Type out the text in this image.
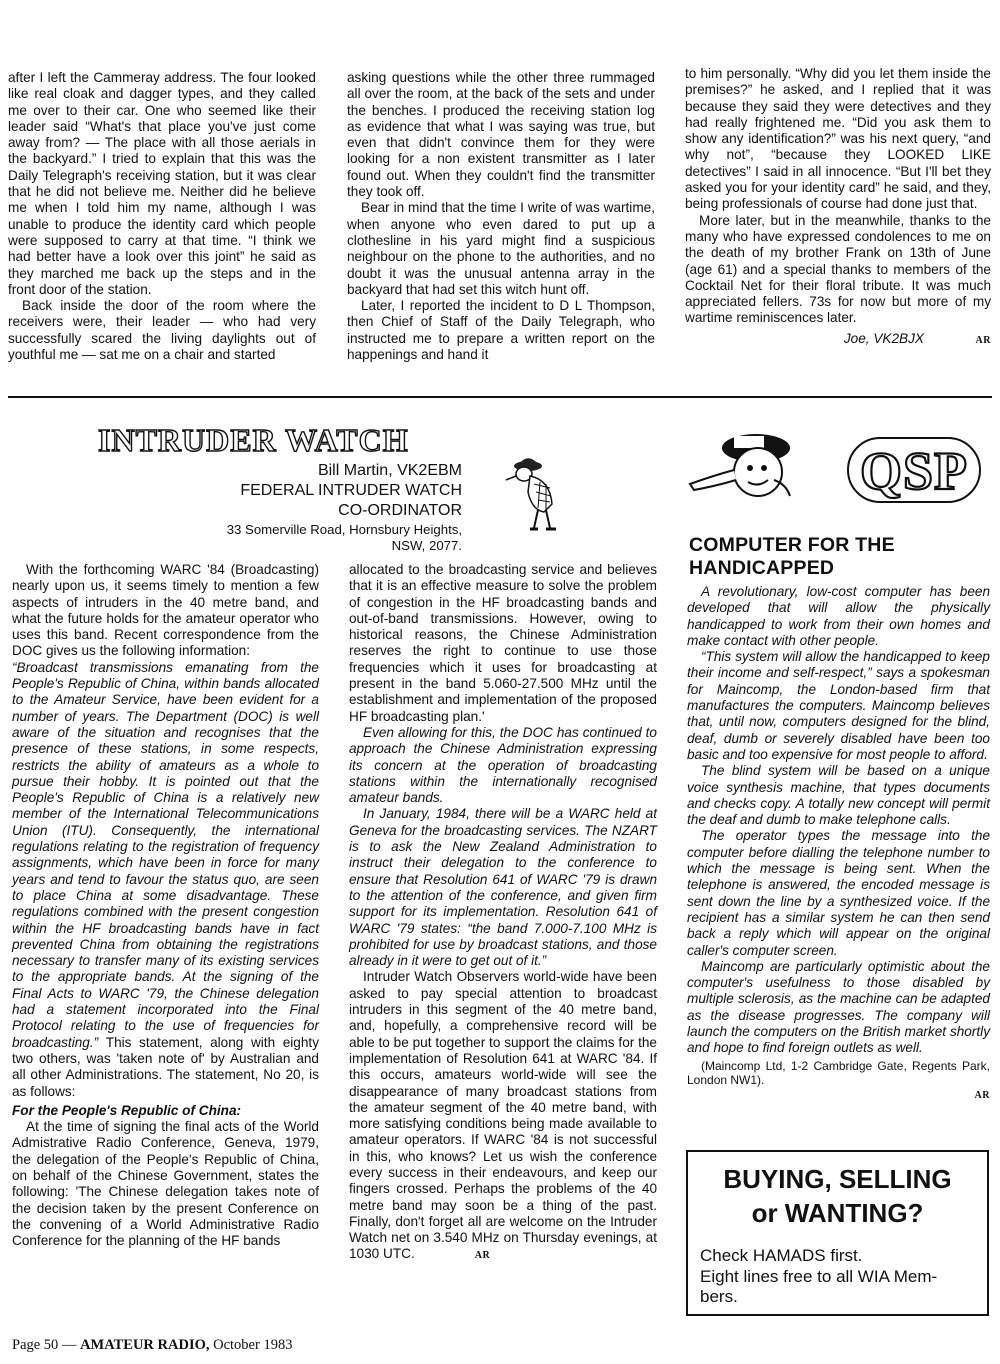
after I left the Cammeray address. The four looked like real cloak and dagger types, and they called me over to their car. One who seemed like their leader said “What's that place you've just come away from? — The place with all those aerials in the backyard.” I tried to explain that this was the Daily Telegraph's receiving station, but it was clear that he did not believe me. Neither did he believe me when I told him my name, although I was unable to produce the identity card which people were supposed to carry at that time. “I think we had better have a look over this joint” he said as they marched me back up the steps and in the front door of the station.

Back inside the door of the room where the receivers were, their leader — who had very successfully scared the living daylights out of youthful me — sat me on a chair and started

asking questions while the other three rummaged all over the room, at the back of the sets and under the benches. I produced the receiving station log as evidence that what I was saying was true, but even that didn't convince them for they were looking for a non existent transmitter as I later found out. When they couldn't find the transmitter they took off.

Bear in mind that the time I write of was wartime, when anyone who even dared to put up a clothesline in his yard might find a suspicious neighbour on the phone to the authorities, and no doubt it was the unusual antenna array in the backyard that had set this witch hunt off.

Later, I reported the incident to D L Thompson, then Chief of Staff of the Daily Telegraph, who instructed me to prepare a written report on the happenings and hand it

to him personally. “Why did you let them inside the premises?” he asked, and I replied that it was because they said they were detectives and they had really frightened me. “Did you ask them to show any identification?” was his next query, “and why not”, “because they LOOKED LIKE detectives” I said in all innocence. “But I'll bet they asked you for your identity card” he said, and they, being professionals of course had done just that.

More later, but in the meanwhile, thanks to the many who have expressed condolences to me on the death of my brother Frank on 13th of June (age 61) and a special thanks to members of the Cocktail Net for their floral tribute. It was much appreciated fellers. 73s for now but more of my wartime reminiscences later.

Joe, VK2BJX	AR

INTRUDER WATCH
Bill Martin, VK2EBM
FEDERAL INTRUDER WATCH
CO-ORDINATOR
33 Somerville Road, Hornsbury Heights,
NSW, 2077.

With the forthcoming WARC '84 (Broadcasting) nearly upon us, it seems timely to mention a few aspects of intruders in the 40 metre band, and what the future holds for the amateur operator who uses this band. Recent correspondence from the DOC gives us the following information:

“Broadcast transmissions emanating from the People's Republic of China, within bands allocated to the Amateur Service, have been evident for a number of years. The Department (DOC) is well aware of the situation and recognises that the presence of these stations, in some respects, restricts the ability of amateurs as a whole to pursue their hobby. It is pointed out that the People's Republic of China is a relatively new member of the International Telecommunications Union (ITU). Consequently, the international regulations relating to the registration of frequency assignments, which have been in force for many years and tend to favour the status quo, are seen to place China at some disadvantage. These regulations combined with the present congestion within the HF broadcasting bands have in fact prevented China from obtaining the registrations necessary to transfer many of its existing services to the appropriate bands. At the signing of the Final Acts to WARC '79, the Chinese delegation had a statement incorporated into the Final Protocol relating to the use of frequencies for broadcasting.” This statement, along with eighty two others, was 'taken note of' by Australian and all other Administrations. The statement, No 20, is as follows:

For the People's Republic of China:

At the time of signing the final acts of the World Admistrative Radio Conference, Geneva, 1979, the delegation of the People's Republic of China, on behalf of the Chinese Government, states the following: 'The Chinese delegation takes note of the decision taken by the present Conference on the convening of a World Administrative Radio Conference for the planning of the HF bands

allocated to the broadcasting service and believes that it is an effective measure to solve the problem of congestion in the HF broadcasting bands and out-of-band transmissions. However, owing to historical reasons, the Chinese Administration reserves the right to continue to use those frequencies which it uses for broadcasting at present in the band 5.060-27.500 MHz until the establishment and implementation of the proposed HF broadcasting plan.'

Even allowing for this, the DOC has continued to approach the Chinese Administration expressing its concern at the operation of broadcasting stations within the internationally recognised amateur bands.

In January, 1984, there will be a WARC held at Geneva for the broadcasting services. The NZART is to ask the New Zealand Administration to instruct their delegation to the conference to ensure that Resolution 641 of WARC '79 is drawn to the attention of the conference, and given firm support for its implementation. Resolution 641 of WARC '79 states: “the band 7.000-7.100 MHz is prohibited for use by broadcast stations, and those already in it were to get out of it.”

Intruder Watch Observers world-wide have been asked to pay special attention to broadcast intruders in this segment of the 40 metre band, and, hopefully, a comprehensive record will be able to be put together to support the claims for the implementation of Resolution 641 at WARC '84. If this occurs, amateurs world-wide will see the disappearance of many broadcast stations from the amateur segment of the 40 metre band, with more satisfying conditions being made available to amateur operators. If WARC '84 is not successful in this, who knows? Let us wish the conference every success in their endeavours, and keep our fingers crossed. Perhaps the problems of the 40 metre band may soon be a thing of the past. Finally, don't forget all are welcome on the Intruder Watch net on 3.540 MHz on Thursday evenings, at 1030 UTC.	AR

QSP
COMPUTER FOR THE
HANDICAPPED

A revolutionary, low-cost computer has been developed that will allow the physically handicapped to work from their own homes and make contact with other people.

“This system will allow the handicapped to keep their income and self-respect,” says a spokesman for Maincomp, the London-based firm that manufactures the computers. Maincomp believes that, until now, computers designed for the blind, deaf, dumb or severely disabled have been too basic and too expensive for most people to afford.

The blind system will be based on a unique voice synthesis machine, that types documents and checks copy. A totally new concept will permit the deaf and dumb to make telephone calls.

The operator types the message into the computer before dialling the telephone number to which the message is being sent. When the telephone is answered, the encoded message is sent down the line by a synthesized voice. If the recipient has a similar system he can then send back a reply which will appear on the original caller's computer screen.

Maincomp are particularly optimistic about the computer's usefulness to those disabled by multiple sclerosis, as the machine can be adapted as the disease progresses. The company will launch the computers on the British market shortly and hope to find foreign outlets as well.

(Maincomp Ltd, 1-2 Cambridge Gate, Regents Park, London NW1).

AR

BUYING, SELLING
or WANTING?
Check HAMADS first.
Eight lines free to all WIA Mem-
bers.
Page 50 — AMATEUR RADIO, October 1983
